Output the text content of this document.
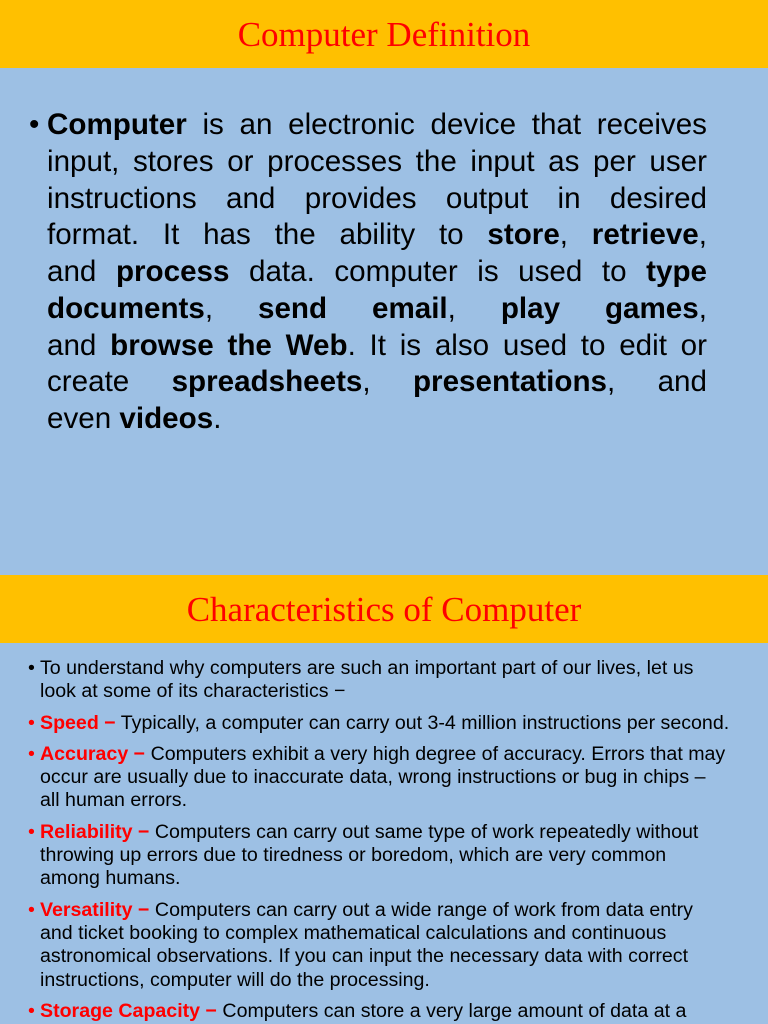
Computer Definition
• Computer is an electronic device that receives
input, stores or processes the input as per user
instructions and provides output in desired
format. It has the ability to store, retrieve,
and process data. computer is used to type
documents, send email, play games,
and browse the Web. It is also used to edit or
create spreadsheets, presentations, and
even videos.
Characteristics of Computer
• To understand why computers are such an important part of our lives, let us
look at some of its characteristics −
• Speed − Typically, a computer can carry out 3-4 million instructions per second.
• Accuracy − Computers exhibit a very high degree of accuracy. Errors that may
occur are usually due to inaccurate data, wrong instructions or bug in chips –
all human errors.
• Reliability − Computers can carry out same type of work repeatedly without
throwing up errors due to tiredness or boredom, which are very common
among humans.
• Versatility − Computers can carry out a wide range of work from data entry
and ticket booking to complex mathematical calculations and continuous
astronomical observations. If you can input the necessary data with correct
instructions, computer will do the processing.
• Storage Capacity − Computers can store a very large amount of data at a
